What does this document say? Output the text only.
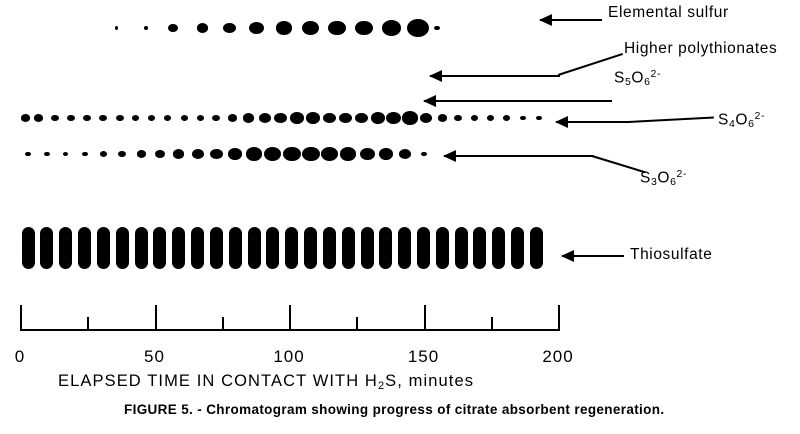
Elemental sulfur
Higher polythionates
$S_5O_6^{2-}$
$S_4O_6^{2-}$
$S_3O_6^{2-}$
Thiosulfate
ELAPSED TIME IN CONTACT WITH $H_2S$, minutes
FIGURE 5. - Chromatogram showing progress of citrate absorbent regeneration.
0	50	100	150	200
